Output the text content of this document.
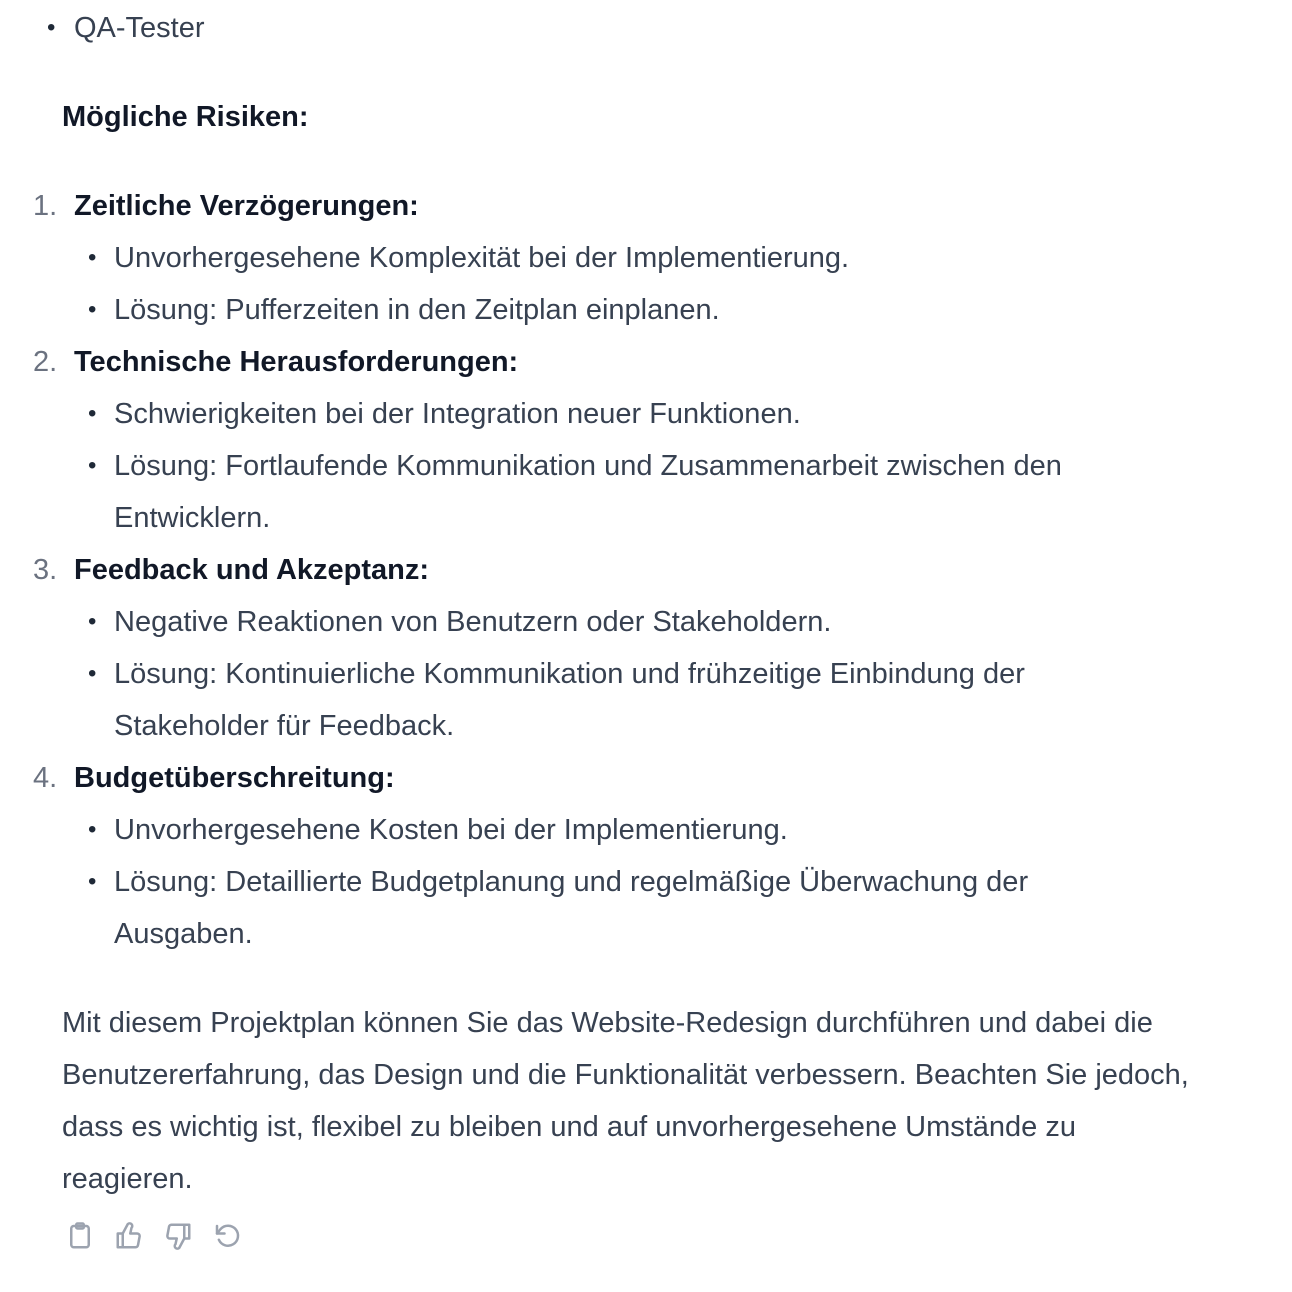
• QA-Tester
Mögliche Risiken:
1. Zeitliche Verzögerungen:
• Unvorhergesehene Komplexität bei der Implementierung.
• Lösung: Pufferzeiten in den Zeitplan einplanen.
2. Technische Herausforderungen:
• Schwierigkeiten bei der Integration neuer Funktionen.
• Lösung: Fortlaufende Kommunikation und Zusammenarbeit zwischen den Entwicklern.
3. Feedback und Akzeptanz:
• Negative Reaktionen von Benutzern oder Stakeholdern.
• Lösung: Kontinuierliche Kommunikation und frühzeitige Einbindung der Stakeholder für Feedback.
4. Budgetüberschreitung:
• Unvorhergesehene Kosten bei der Implementierung.
• Lösung: Detaillierte Budgetplanung und regelmäßige Überwachung der Ausgaben.
Mit diesem Projektplan können Sie das Website-Redesign durchführen und dabei die Benutzererfahrung, das Design und die Funktionalität verbessern. Beachten Sie jedoch, dass es wichtig ist, flexibel zu bleiben und auf unvorhergesehene Umstände zu reagieren.
